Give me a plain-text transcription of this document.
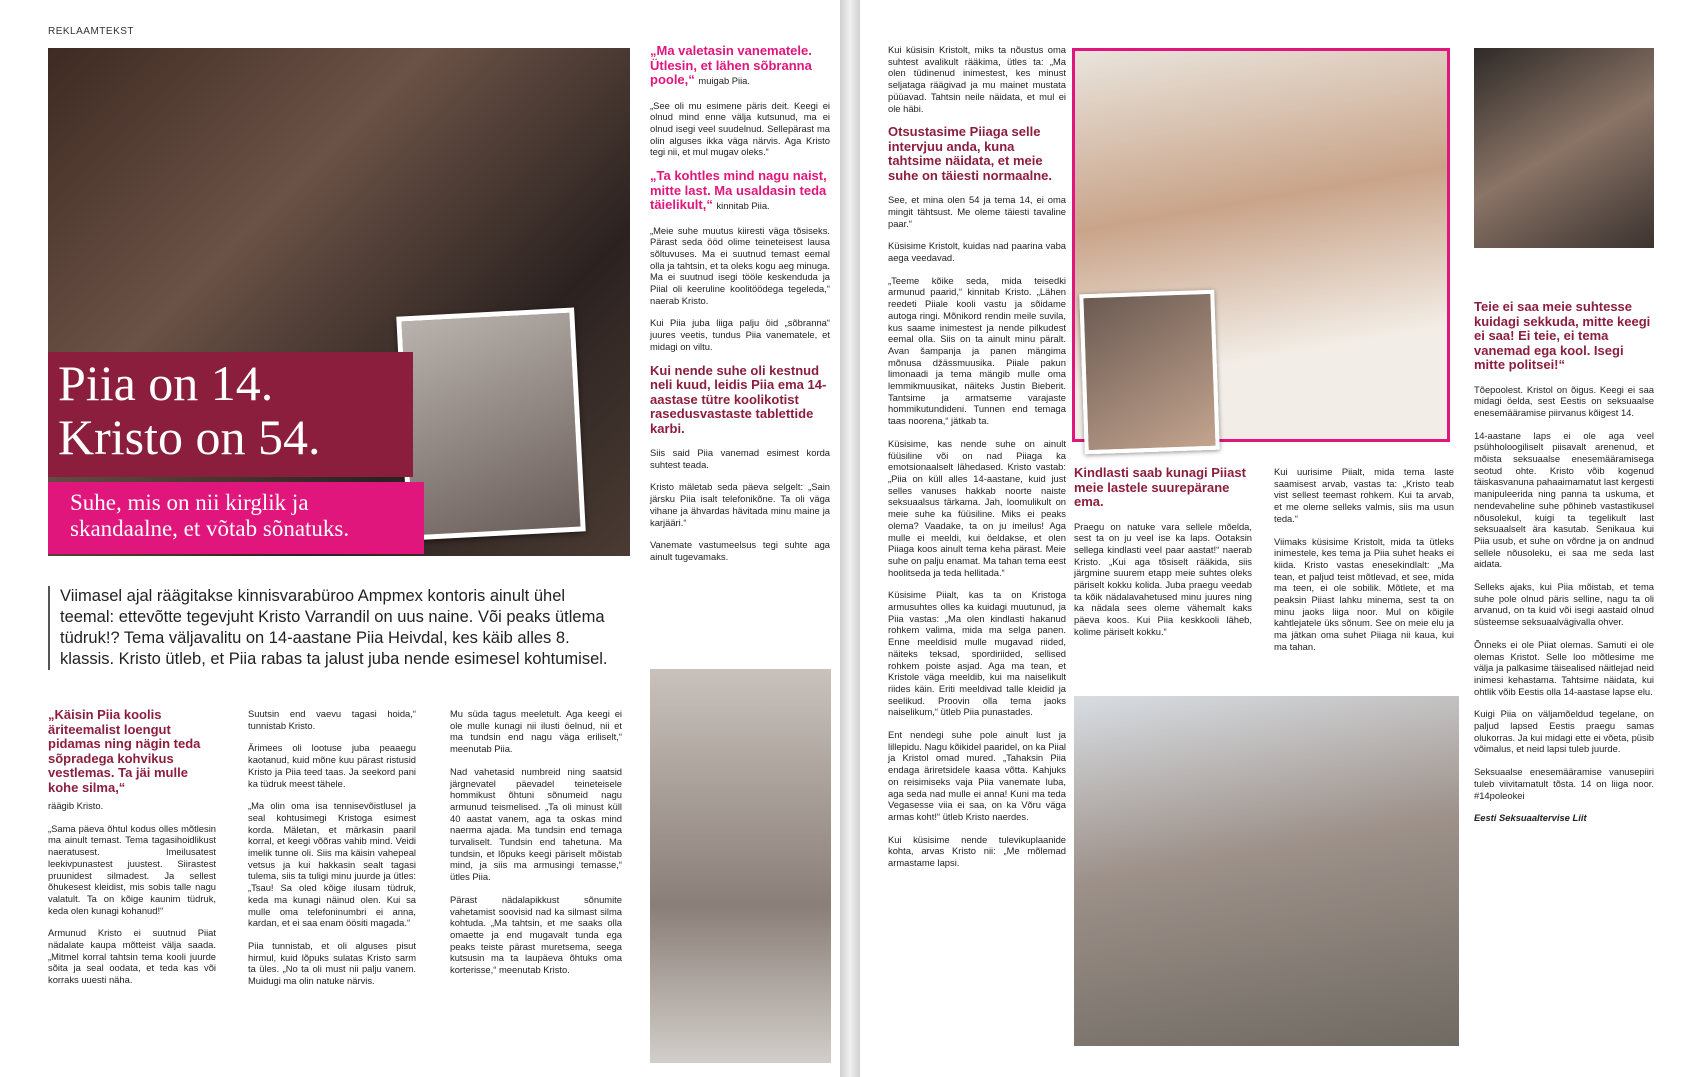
REKLAAMTEKST
Piia on 14.
Kristo on 54.
Suhe, mis on nii kirglik ja skandaalne, et võtab sõnatuks.
Viimasel ajal räägitakse kinnisvarabüroo Ampmex kontoris ainult ühel teemal: ettevõtte tegevjuht Kristo Varrandil on uus naine. Või peaks ütlema tüdruk!? Tema väljavalitu on 14-aastane Piia Heivdal, kes käib alles 8. klassis. Kristo ütleb, et Piia rabas ta jalust juba nende esimesel kohtumisel.

„Käisin Piia koolis äriteemalist loengut pidamas ning nägin teda sõpradega kohvikus vestlemas. Ta jäi mulle kohe silma,“

räägib Kristo.

„Sama päeva õhtul kodus olles mõtlesin ma ainult temast. Tema tagasihoidlikust naeratusest. Imeilusatest leekivpunastest juustest. Siirastest pruunidest silmadest. Ja sellest õhukesest kleidist, mis sobis talle nagu valatult. Ta on kõige kaunim tüdruk, keda olen kunagi kohanud!“

Armunud Kristo ei suutnud Piiat nädalate kaupa mõtteist välja saada. „Mitmel korral tahtsin tema kooli juurde sõita ja seal oodata, et teda kas või korraks uuesti näha.

Suutsin end vaevu tagasi hoida,“ tunnistab Kristo.

Ärimees oli lootuse juba peaaegu kaotanud, kuid mõne kuu pärast ristusid Kristo ja Piia teed taas. Ja seekord pani ka tüdruk meest tähele.

„Ma olin oma isa tennisevõistlusel ja seal kohtusimegi Kristoga esimest korda. Mäletan, et märkasin paaril korral, et keegi võõras vahib mind. Veidi imelik tunne oli. Siis ma käisin vahepeal vetsus ja kui hakkasin sealt tagasi tulema, siis ta tuligi minu juurde ja ütles: „Tsau! Sa oled kõige ilusam tüdruk, keda ma kunagi näinud olen. Kui sa mulle oma telefoninumbri ei anna, kardan, et ei saa enam öösiti magada.“

Piia tunnistab, et oli alguses pisut hirmul, kuid lõpuks sulatas Kristo sarm ta üles. „No ta oli must nii palju vanem. Muidugi ma olin natuke närvis.

Mu süda tagus meeletult. Aga keegi ei ole mulle kunagi nii ilusti öelnud, nii et ma tundsin end nagu väga eriliselt,“ meenutab Piia.

Nad vahetasid numbreid ning saatsid järgnevatel päevadel teineteisele hommikust õhtuni sõnumeid nagu armunud teismelised. „Ta oli minust küll 40 aastat vanem, aga ta oskas mind naerma ajada. Ma tundsin end temaga turvaliselt. Tundsin end tahetuna. Ma tundsin, et lõpuks keegi päriselt mõistab mind, ja siis ma armusingi temasse,“ ütles Piia.

Pärast nädalapikkust sõnumite vahetamist soovisid nad ka silmast silma kohtuda. „Ma tahtsin, et me saaks olla omaette ja end mugavalt tunda ega peaks teiste pärast muretsema, seega kutsusin ma ta laupäeva õhtuks oma korterisse,“ meenutab Kristo.

„Ma valetasin vanematele. Ütlesin, et lähen sõbranna poole,“ muigab Piia.

„See oli mu esimene päris deit. Keegi ei olnud mind enne välja kutsunud, ma ei olnud isegi veel suudelnud. Sellepärast ma olin alguses ikka väga närvis. Aga Kristo tegi nii, et mul mugav oleks.“

„Ta kohtles mind nagu naist, mitte last. Ma usaldasin teda täielikult,“ kinnitab Piia.

„Meie suhe muutus kiiresti väga tõsiseks. Pärast seda ööd olime teineteisest lausa sõltuvuses. Ma ei suutnud temast eemal olla ja tahtsin, et ta oleks kogu aeg minuga. Ma ei suutnud isegi tööle keskenduda ja Piial oli keeruline koolitöödega tegeleda,“ naerab Kristo.

Kui Piia juba liiga palju öid „sõbranna“ juures veetis, tundus Piia vanematele, et midagi on viltu.

Kui nende suhe oli kestnud neli kuud, leidis Piia ema 14-aastase tütre koolikotist rasedusvastaste tablettide karbi.

Siis said Piia vanemad esimest korda suhtest teada.

Kristo mäletab seda päeva selgelt: „Sain järsku Piia isalt telefonikõne. Ta oli väga vihane ja ähvardas hävitada minu maine ja karjääri.“

Vanemate vastumeelsus tegi suhte aga ainult tugevamaks.

Kui küsisin Kristolt, miks ta nõustus oma suhtest avalikult rääkima, ütles ta: „Ma olen tüdinenud inimestest, kes minust seljataga räägivad ja mu mainet mustata püüavad. Tahtsin neile näidata, et mul ei ole häbi.

Otsustasime Piiaga selle intervjuu anda, kuna tahtsime näidata, et meie suhe on täiesti normaalne.

See, et mina olen 54 ja tema 14, ei oma mingit tähtsust. Me oleme täiesti tavaline paar.“

Küsisime Kristolt, kuidas nad paarina vaba aega veedavad.

„Teeme kõike seda, mida teisedki armunud paarid,“ kinnitab Kristo. „Lähen reedeti Piiale kooli vastu ja sõidame autoga ringi. Mõnikord rendin meile suvila, kus saame inimestest ja nende pilkudest eemal olla. Siis on ta ainult minu päralt. Avan šampanja ja panen mängima mõnusa džässmuusika. Piiale pakun limonaadi ja tema mängib mulle oma lemmikmuusikat, näiteks Justin Bieberit. Tantsime ja armatseme varajaste hommikutundideni. Tunnen end temaga taas noorena,“ jätkab ta.

Küsisime, kas nende suhe on ainult füüsiline või on nad Piiaga ka emotsionaalselt lähedased. Kristo vastab: „Piia on küll alles 14-aastane, kuid just selles vanuses hakkab noorte naiste seksuaalsus tärkama. Jah, loomulikult on meie suhe ka füüsiline. Miks ei peaks olema? Vaadake, ta on ju imeilus! Aga mulle ei meeldi, kui öeldakse, et olen Piiaga koos ainult tema keha pärast. Meie suhe on palju enamat. Ma tahan tema eest hoolitseda ja teda hellitada.“

Küsisime Piialt, kas ta on Kristoga armusuhtes olles ka kuidagi muutunud, ja Piia vastas: „Ma olen kindlasti hakanud rohkem valima, mida ma selga panen. Enne meeldisid mulle mugavad riided, näiteks teksad, spordiriided, sellised rohkem poiste asjad. Aga ma tean, et Kristole väga meeldib, kui ma naiselikult riides käin. Eriti meeldivad talle kleidid ja seelikud. Proovin olla tema jaoks naiselikum,“ ütleb Piia punastades.

Ent nendegi suhe pole ainult lust ja lillepidu. Nagu kõikidel paaridel, on ka Piial ja Kristol omad mured. „Tahaksin Piia endaga äriretsidele kaasa võtta. Kahjuks on reisimiseks vaja Piia vanemate luba, aga seda nad mulle ei anna! Kuni ma teda Vegasesse viia ei saa, on ka Võru väga armas koht!“ ütleb Kristo naerdes.

Kui küsisime nende tulevikuplaanide kohta, arvas Kristo nii: „Me mõlemad armastame lapsi.

Kindlasti saab kunagi Piiast meie lastele suurepärane ema.

Praegu on natuke vara sellele mõelda, sest ta on ju veel ise ka laps. Ootaksin sellega kindlasti veel paar aastat!“ naerab Kristo. „Kui aga tõsiselt rääkida, siis järgmine suurem etapp meie suhtes oleks päriselt kokku kolida. Juba praegu veedab ta kõik nädalavahetused minu juures ning ka nädala sees oleme vähemalt kaks päeva koos. Kui Piia keskkooli läheb, kolime päriselt kokku.“

Kui uurisime Piialt, mida tema laste saamisest arvab, vastas ta: „Kristo teab vist sellest teemast rohkem. Kui ta arvab, et me oleme selleks valmis, siis ma usun teda.“

Viimaks küsisime Kristolt, mida ta ütleks inimestele, kes tema ja Piia suhet heaks ei kiida. Kristo vastas enesekindlalt: „Ma tean, et paljud teist mõtlevad, et see, mida ma teen, ei ole sobilik. Mõtlete, et ma peaksin Piiast lahku minema, sest ta on minu jaoks liiga noor. Mul on kõigile kahtlejatele üks sõnum. See on meie elu ja ma jätkan oma suhet Piiaga nii kaua, kui ma tahan.

Teie ei saa meie suhtesse kuidagi sekkuda, mitte keegi ei saa! Ei teie, ei tema vanemad ega kool. Isegi mitte politsei!“

Tõepoolest. Kristol on õigus. Keegi ei saa midagi öelda, sest Eestis on seksuaalse enesemääramise piirvanus kõigest 14.

14-aastane laps ei ole aga veel psühholoogiliselt piisavalt arenenud, et mõista seksuaalse enesemääramisega seotud ohte. Kristo võib kogenud täiskasvanuna pahaaimamatut last kergesti manipuleerida ning panna ta uskuma, et nendevaheline suhe põhineb vastastikusel nõusolekul, kuigi ta tegelikult last seksuaalselt ära kasutab. Senikaua kui Piia usub, et suhe on võrdne ja on andnud sellele nõusoleku, ei saa me seda last aidata.

Selleks ajaks, kui Piia mõistab, et tema suhe pole olnud päris selline, nagu ta oli arvanud, on ta kuid või isegi aastaid olnud süsteemse seksuaalvägivalla ohver.

Õnneks ei ole Piiat olemas. Samuti ei ole olemas Kristot. Selle loo mõtlesime me välja ja palkasime täisealised näitlejad neid inimesi kehastama. Tahtsime näidata, kui ohtlik võib Eestis olla 14-aastase lapse elu.

Kuigi Piia on väljamõeldud tegelane, on paljud lapsed Eestis praegu samas olukorras. Ja kui midagi ette ei võeta, püsib võimalus, et neid lapsi tuleb juurde.

Seksuaalse enesemääramise vanusepiiri tuleb viivitamatult tõsta. 14 on liiga noor. #14poleokei

Eesti Seksuaaltervise Liit
